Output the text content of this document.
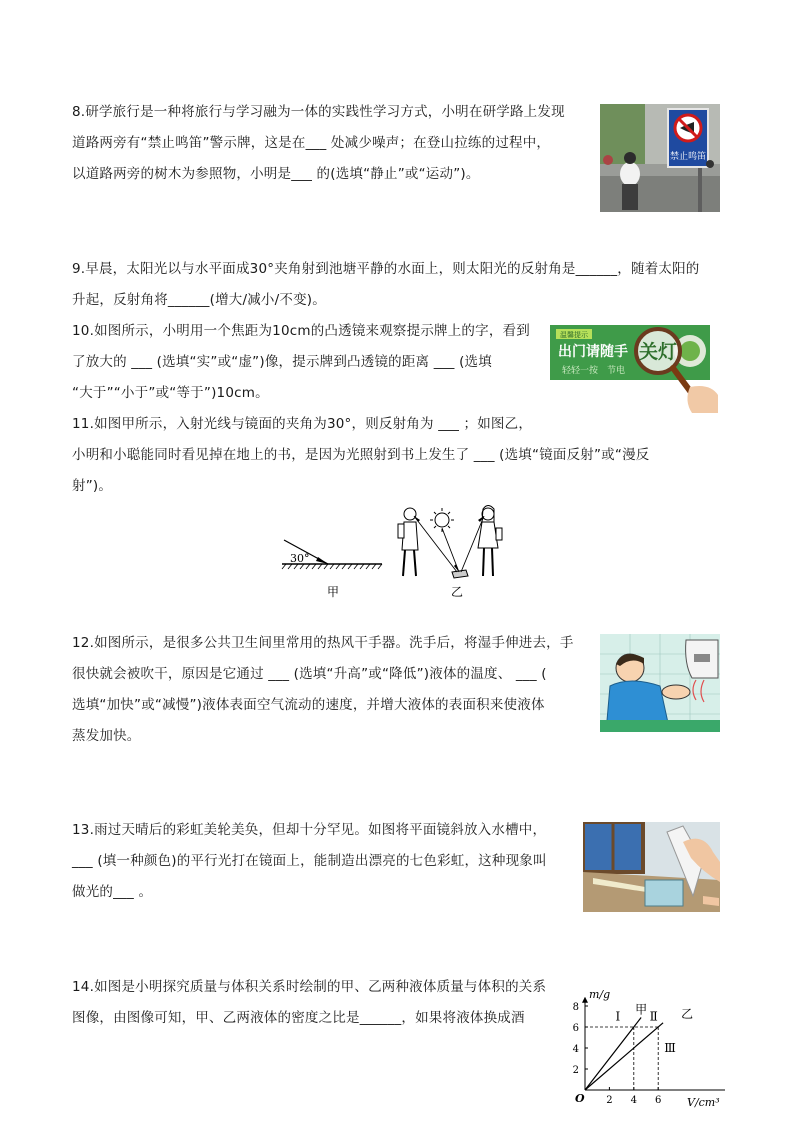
8.研学旅行是一种将旅行与学习融为一体的实践性学习方式，小明在研学路上发现
道路两旁有“禁止鸣笛”警示牌，这是在___ 处减少噪声；在登山拉练的过程中，
以道路两旁的树木为参照物，小明是___ 的(选填“静止”或“运动”)。
禁止鸣笛
9.早晨，太阳光以与水平面成30°夹角射到池塘平静的水面上，则太阳光的反射角是______，随着太阳的
升起，反射角将______(增大/减小/不变)。
10.如图所示，小明用一个焦距为10cm的凸透镜来观察提示牌上的字，看到
了放大的 ___ (选填“实”或“虚”)像，提示牌到凸透镜的距离 ___ (选填
“大于”“小于”或“等于”)10cm。
温馨提示
出门请随手
轻轻一按　节电
关灯
11.如图甲所示，入射光线与镜面的夹角为30°，则反射角为 ___ ；如图乙，
小明和小聪能同时看见掉在地上的书，是因为光照射到书上发生了 ___ (选填“镜面反射”或“漫反
射”)。
30°
甲	乙
12.如图所示，是很多公共卫生间里常用的热风干手器。洗手后，将湿手伸进去，手
很快就会被吹干，原因是它通过 ___ (选填“升高”或“降低”)液体的温度、 ___ (
选填“加快”或“减慢”)液体表面空气流动的速度，并增大液体的表面积来使液体
蒸发加快。
13.雨过天晴后的彩虹美轮美奂，但却十分罕见。如图将平面镜斜放入水槽中，
___ (填一种颜色)的平行光打在镜面上，能制造出漂亮的七色彩虹，这种现象叫
做光的___ 。
14.如图是小明探究质量与体积关系时绘制的甲、乙两种液体质量与体积的关系
图像，由图像可知，甲、乙两液体的密度之比是______，如果将液体换成酒
甲	乙
Ⅰ Ⅱ
Ⅲ
2 4 6
2
4
6
8
m/g
V/cm³
O
